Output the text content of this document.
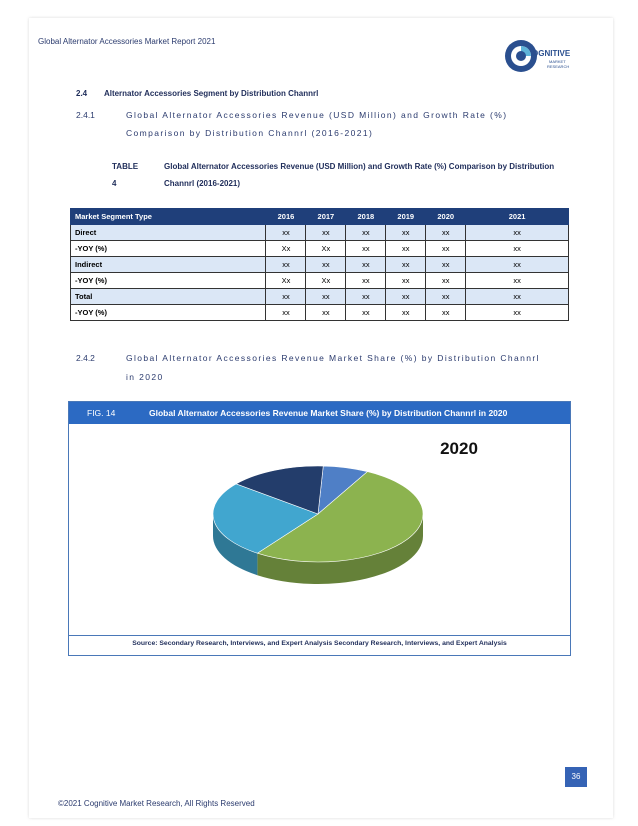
Global Alternator Accessories Market Report 2021
OGNITIVE
MARKET
RESEARCH
2.4 Alternator Accessories Segment by Distribution Channrl
2.4.1	Global Alternator Accessories Revenue (USD Million) and Growth Rate (%)
Comparison by Distribution Channrl (2016-2021)
TABLE 4
Global Alternator Accessories Revenue (USD Million) and Growth Rate (%) Comparison by Distribution Channrl (2016-2021)
Market Segment Type	2016	2017	2018	2019	2020	2021
Direct	xx	xx	xx	xx	xx	xx
-YOY (%)	Xx	Xx	xx	xx	xx	xx
Indirect	xx	xx	xx	xx	xx	xx
-YOY (%)	Xx	Xx	xx	xx	xx	xx
Total	xx	xx	xx	xx	xx	xx
-YOY (%)	xx	xx	xx	xx	xx	xx
2.4.2	Global Alternator Accessories Revenue Market Share (%) by Distribution Channrl
in 2020
FIG. 14	Global Alternator Accessories Revenue Market Share (%) by Distribution Channrl in 2020
Source: Secondary Research, Interviews, and Expert Analysis Secondary Research, Interviews, and Expert Analysis
2020
36
©2021 Cognitive Market Research, All Rights Reserved
